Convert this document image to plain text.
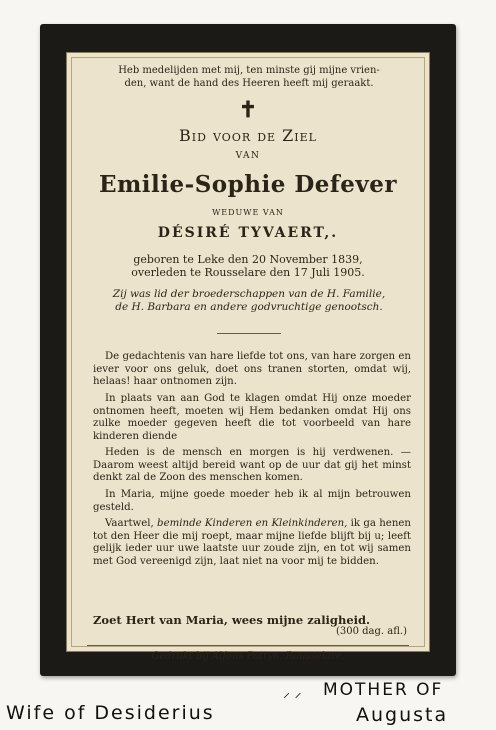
Heb medelijden met mij, ten minste gij mijne vrien-
den, want de hand des Heeren heeft mij geraakt.
✝
Bid voor de Ziel
VAN
Emilie-Sophie Defever
WEDUWE VAN
DÉSIRÉ TYVAERT,.
geboren te Leke den 20 November 1839,
overleden te Rousselare den 17 Juli 1905.
Zij was lid der broederschappen van de H. Familie,
de H. Barbara en andere godvruchtige genootsch.
De gedachtenis van hare liefde tot ons, van hare zorgen en iever voor ons geluk, doet ons tranen storten, omdat wij, helaas! haar ontnomen zijn.
In plaats van aan God te klagen omdat Hij onze moeder ontnomen heeft, moeten wij Hem bedanken omdat Hij ons zulke moeder gegeven heeft die tot voorbeeld van hare kinderen diende
Heden is de mensch en morgen is hij verdwenen. — Daarom weest altijd bereid want op de uur dat gij het minst denkt zal de Zoon des menschen komen.
In Maria, mijne goede moeder heb ik al mijn betrouwen gesteld.
Vaartwel, beminde Kinderen en Kleinkinderen, ik ga henen tot den Heer die mij roept, maar mijne liefde blijft bij u; leeft gelijk ieder uur uwe laatste uur zoude zijn, en tot wij samen met God vereenigd zijn, laat niet na voor mij te bidden.
Zoet Hert van Maria, wees mijne zaligheid.
(300 dag. afl.)
Gedrukt bij Alfons Pattyn, Rousselare.
Wife of Desiderius
⸝ ⸝ MOTHER OF
Augusta
